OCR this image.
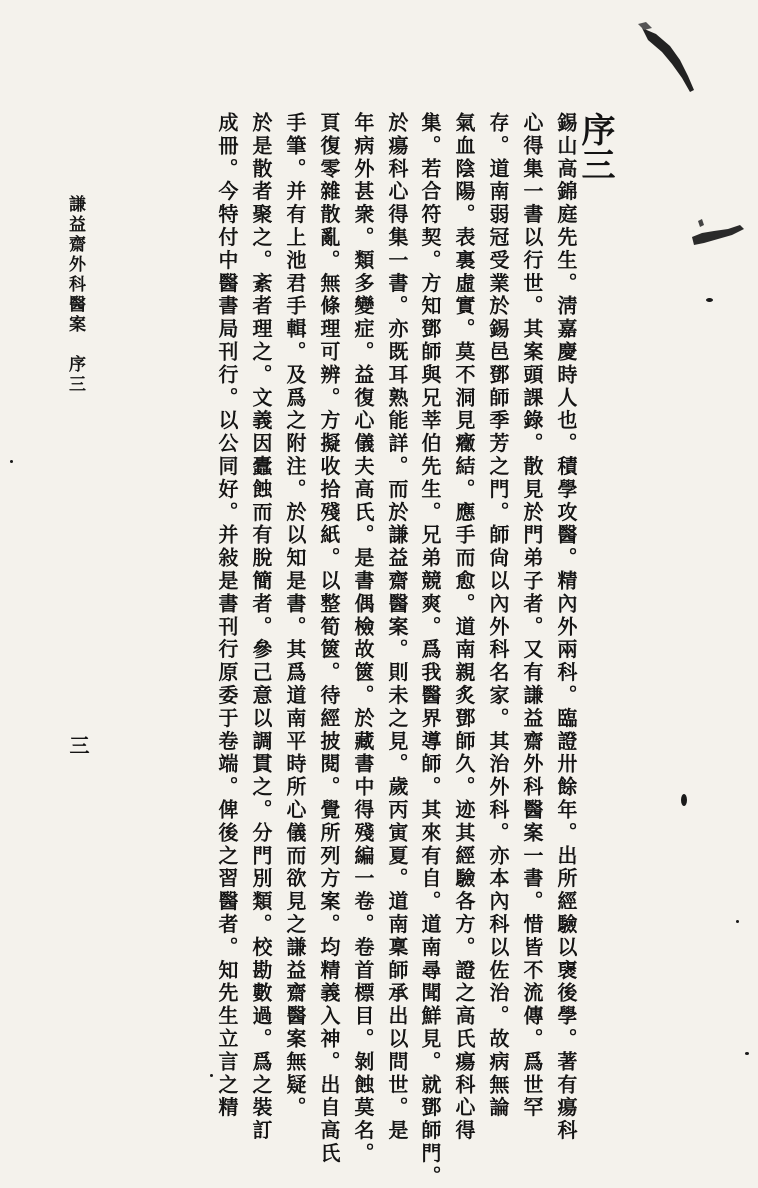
序三
錫山高錦庭先生。淸嘉慶時人也。積學攻醫。精內外兩科。臨證卅餘年。出所經驗以襃後學。著有瘍科
心得集一書以行世。其案頭課錄。散見於門弟子者。又有謙益齋外科醫案一書。惜皆不流傳。爲世罕
存。道南弱冠受業於錫邑鄧師季芳之門。師尙以內外科名家。其治外科。亦本內科以佐治。故病無論
氣血陰陽。表裏虛實。莫不洞見癥結。應手而愈。道南親炙鄧師久。迹其經驗各方。證之高氏瘍科心得
集。若合符契。方知鄧師與兄莘伯先生。兄弟競爽。爲我醫界導師。其來有自。道南尋聞鮮見。就鄧師門。
於瘍科心得集一書。亦既耳熟能詳。而於謙益齋醫案。則未之見。歲丙寅夏。道南稟師承出以問世。是
年病外甚衆。類多變症。益復心儀夫高氏。是書偶檢故篋。於藏書中得殘編一卷。卷首標目。剝蝕莫名。
頁復零雜散亂。無條理可辨。方擬收拾殘紙。以整筍篋。待經披閱。覺所列方案。均精義入神。出自高氏
手筆。并有上池君手輯。及爲之附注。於以知是書。其爲道南平時所心儀而欲見之謙益齋醫案無疑。
於是散者聚之。紊者理之。文義因蠹蝕而有脫簡者。參己意以調貫之。分門別類。校勘數過。爲之裝訂
成冊。今特付中醫書局刊行。以公同好。并敍是書刊行原委于卷端。俾後之習醫者。知先生立言之精
謙益齋外科醫案　序三
三
